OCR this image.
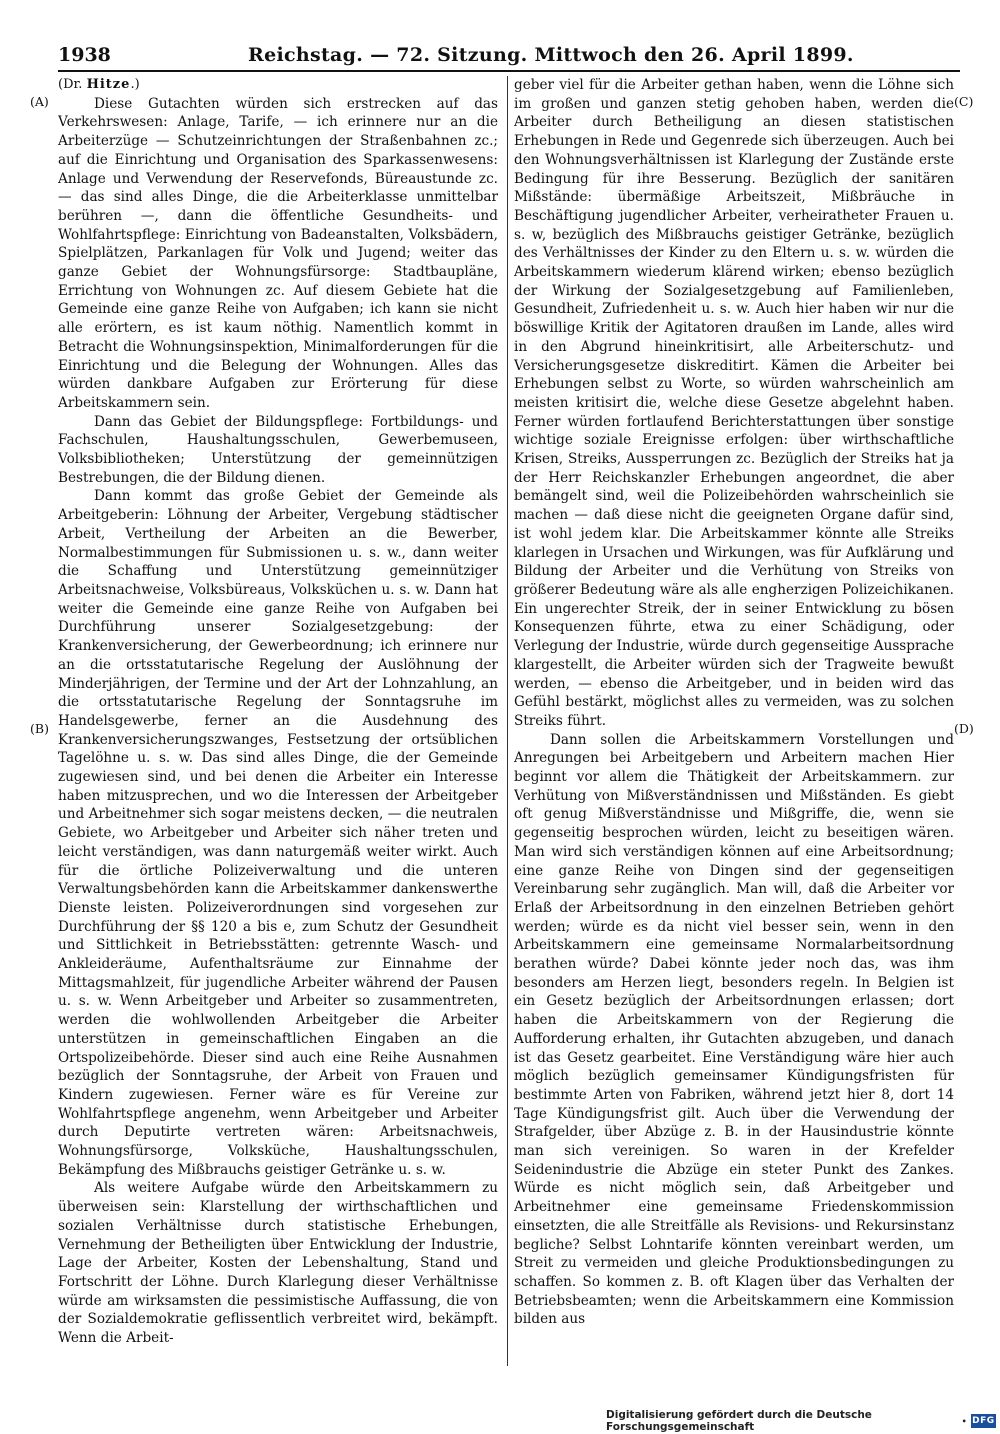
1938	Reichstag. — 72. Sitzung. Mittwoch den 26. April 1899.
(A)
(B)
(C)
(D)

(Dr. Hitze.)

Diese Gutachten würden sich erstrecken auf das Verkehrswesen: Anlage, Tarife, — ich erinnere nur an die Arbeiterzüge — Schutzeinrichtungen der Straßenbahnen zc.; auf die Einrichtung und Organisation des Sparkassenwesens: Anlage und Verwendung der Reservefonds, Büreaustunde zc. — das sind alles Dinge, die die Arbeiterklasse unmittelbar berühren —, dann die öffentliche Gesundheits- und Wohlfahrtspflege: Einrichtung von Badeanstalten, Volksbädern, Spielplätzen, Parkanlagen für Volk und Jugend; weiter das ganze Gebiet der Wohnungsfürsorge: Stadtbaupläne, Errichtung von Wohnungen zc. Auf diesem Gebiete hat die Gemeinde eine ganze Reihe von Aufgaben; ich kann sie nicht alle erörtern, es ist kaum nöthig. Namentlich kommt in Betracht die Wohnungsinspektion, Minimalforderungen für die Einrichtung und die Belegung der Wohnungen. Alles das würden dankbare Aufgaben zur Erörterung für diese Arbeitskammern sein.

Dann das Gebiet der Bildungspflege: Fortbildungs- und Fachschulen, Haushaltungsschulen, Gewerbemuseen, Volksbibliotheken; Unterstützung der gemeinnützigen Bestrebungen, die der Bildung dienen.

Dann kommt das große Gebiet der Gemeinde als Arbeitgeberin: Löhnung der Arbeiter, Vergebung städtischer Arbeit, Vertheilung der Arbeiten an die Bewerber, Normalbestimmungen für Submissionen u. s. w., dann weiter die Schaffung und Unterstützung gemeinnütziger Arbeitsnachweise, Volksbüreaus, Volksküchen u. s. w. Dann hat weiter die Gemeinde eine ganze Reihe von Aufgaben bei Durchführung unserer Sozialgesetzgebung: der Krankenversicherung, der Gewerbeordnung; ich erinnere nur an die ortsstatutarische Regelung der Auslöhnung der Minderjährigen, der Termine und der Art der Lohnzahlung, an die ortsstatutarische Regelung der Sonntagsruhe im Handelsgewerbe, ferner an die Ausdehnung des Krankenversicherungszwanges, Festsetzung der ortsüblichen Tagelöhne u. s. w. Das sind alles Dinge, die der Gemeinde zugewiesen sind, und bei denen die Arbeiter ein Interesse haben mitzusprechen, und wo die Interessen der Arbeitgeber und Arbeitnehmer sich sogar meistens decken, — die neutralen Gebiete, wo Arbeitgeber und Arbeiter sich näher treten und leicht verständigen, was dann naturgemäß weiter wirkt. Auch für die örtliche Polizeiverwaltung und die unteren Verwaltungsbehörden kann die Arbeitskammer dankenswerthe Dienste leisten. Polizeiverordnungen sind vorgesehen zur Durchführung der §§ 120 a bis e, zum Schutz der Gesundheit und Sittlichkeit in Betriebsstätten: getrennte Wasch- und Ankleideräume, Aufenthaltsräume zur Einnahme der Mittagsmahlzeit, für jugendliche Arbeiter während der Pausen u. s. w. Wenn Arbeitgeber und Arbeiter so zusammentreten, werden die wohlwollenden Arbeitgeber die Arbeiter unterstützen in gemeinschaftlichen Eingaben an die Ortspolizeibehörde. Dieser sind auch eine Reihe Ausnahmen bezüglich der Sonntagsruhe, der Arbeit von Frauen und Kindern zugewiesen. Ferner wäre es für Vereine zur Wohlfahrtspflege angenehm, wenn Arbeitgeber und Arbeiter durch Deputirte vertreten wären: Arbeitsnachweis, Wohnungsfürsorge, Volksküche, Haushaltungsschulen, Bekämpfung des Mißbrauchs geistiger Getränke u. s. w.

Als weitere Aufgabe würde den Arbeitskammern zu überweisen sein: Klarstellung der wirthschaftlichen und sozialen Verhältnisse durch statistische Erhebungen, Vernehmung der Betheiligten über Entwicklung der Industrie, Lage der Arbeiter, Kosten der Lebenshaltung, Stand und Fortschritt der Löhne. Durch Klarlegung dieser Verhältnisse würde am wirksamsten die pessimistische Auffassung, die von der Sozialdemokratie geflissentlich verbreitet wird, bekämpft. Wenn die Arbeit-

geber viel für die Arbeiter gethan haben, wenn die Löhne sich im großen und ganzen stetig gehoben haben, werden die Arbeiter durch Betheiligung an diesen statistischen Erhebungen in Rede und Gegenrede sich überzeugen. Auch bei den Wohnungsverhältnissen ist Klarlegung der Zustände erste Bedingung für ihre Besserung. Bezüglich der sanitären Mißstände: übermäßige Arbeitszeit, Mißbräuche in Beschäftigung jugendlicher Arbeiter, verheiratheter Frauen u. s. w, bezüglich des Mißbrauchs geistiger Getränke, bezüglich des Verhältnisses der Kinder zu den Eltern u. s. w. würden die Arbeitskammern wiederum klärend wirken; ebenso bezüglich der Wirkung der Sozialgesetzgebung auf Familienleben, Gesundheit, Zufriedenheit u. s. w. Auch hier haben wir nur die böswillige Kritik der Agitatoren draußen im Lande, alles wird in den Abgrund hineinkritisirt, alle Arbeiterschutz- und Versicherungsgesetze diskreditirt. Kämen die Arbeiter bei Erhebungen selbst zu Worte, so würden wahrscheinlich am meisten kritisirt die, welche diese Gesetze abgelehnt haben. Ferner würden fortlaufend Berichterstattungen über sonstige wichtige soziale Ereignisse erfolgen: über wirthschaftliche Krisen, Streiks, Aussperrungen zc. Bezüglich der Streiks hat ja der Herr Reichskanzler Erhebungen angeordnet, die aber bemängelt sind, weil die Polizeibehörden wahrscheinlich sie machen — daß diese nicht die geeigneten Organe dafür sind, ist wohl jedem klar. Die Arbeitskammer könnte alle Streiks klarlegen in Ursachen und Wirkungen, was für Aufklärung und Bildung der Arbeiter und die Verhütung von Streiks von größerer Bedeutung wäre als alle engherzigen Polizeichikanen. Ein ungerechter Streik, der in seiner Entwicklung zu bösen Konsequenzen führte, etwa zu einer Schädigung, oder Verlegung der Industrie, würde durch gegenseitige Aussprache klargestellt, die Arbeiter würden sich der Tragweite bewußt werden, — ebenso die Arbeitgeber, und in beiden wird das Gefühl bestärkt, möglichst alles zu vermeiden, was zu solchen Streiks führt.

Dann sollen die Arbeitskammern Vorstellungen und Anregungen bei Arbeitgebern und Arbeitern machen Hier beginnt vor allem die Thätigkeit der Arbeitskammern. zur Verhütung von Mißverständnissen und Mißständen. Es giebt oft genug Mißverständnisse und Mißgriffe, die, wenn sie gegenseitig besprochen würden, leicht zu beseitigen wären. Man wird sich verständigen können auf eine Arbeitsordnung; eine ganze Reihe von Dingen sind der gegenseitigen Vereinbarung sehr zugänglich. Man will, daß die Arbeiter vor Erlaß der Arbeitsordnung in den einzelnen Betrieben gehört werden; würde es da nicht viel besser sein, wenn in den Arbeitskammern eine gemeinsame Normalarbeitsordnung berathen würde? Dabei könnte jeder noch das, was ihm besonders am Herzen liegt, besonders regeln. In Belgien ist ein Gesetz bezüglich der Arbeitsordnungen erlassen; dort haben die Arbeitskammern von der Regierung die Aufforderung erhalten, ihr Gutachten abzugeben, und danach ist das Gesetz gearbeitet. Eine Verständigung wäre hier auch möglich bezüglich gemeinsamer Kündigungsfristen für bestimmte Arten von Fabriken, während jetzt hier 8, dort 14 Tage Kündigungsfrist gilt. Auch über die Verwendung der Strafgelder, über Abzüge z. B. in der Hausindustrie könnte man sich vereinigen. So waren in der Krefelder Seidenindustrie die Abzüge ein steter Punkt des Zankes. Würde es nicht möglich sein, daß Arbeitgeber und Arbeitnehmer eine gemeinsame Friedenskommission einsetzten, die alle Streitfälle als Revisions- und Rekursinstanz begliche? Selbst Lohntarife könnten vereinbart werden, um Streit zu vermeiden und gleiche Produktionsbedingungen zu schaffen. So kommen z. B. oft Klagen über das Verhalten der Betriebsbeamten; wenn die Arbeitskammern eine Kommission bilden aus

Digitalisierung gefördert durch die Deutsche Forschungsgemeinschaft	• DFG
